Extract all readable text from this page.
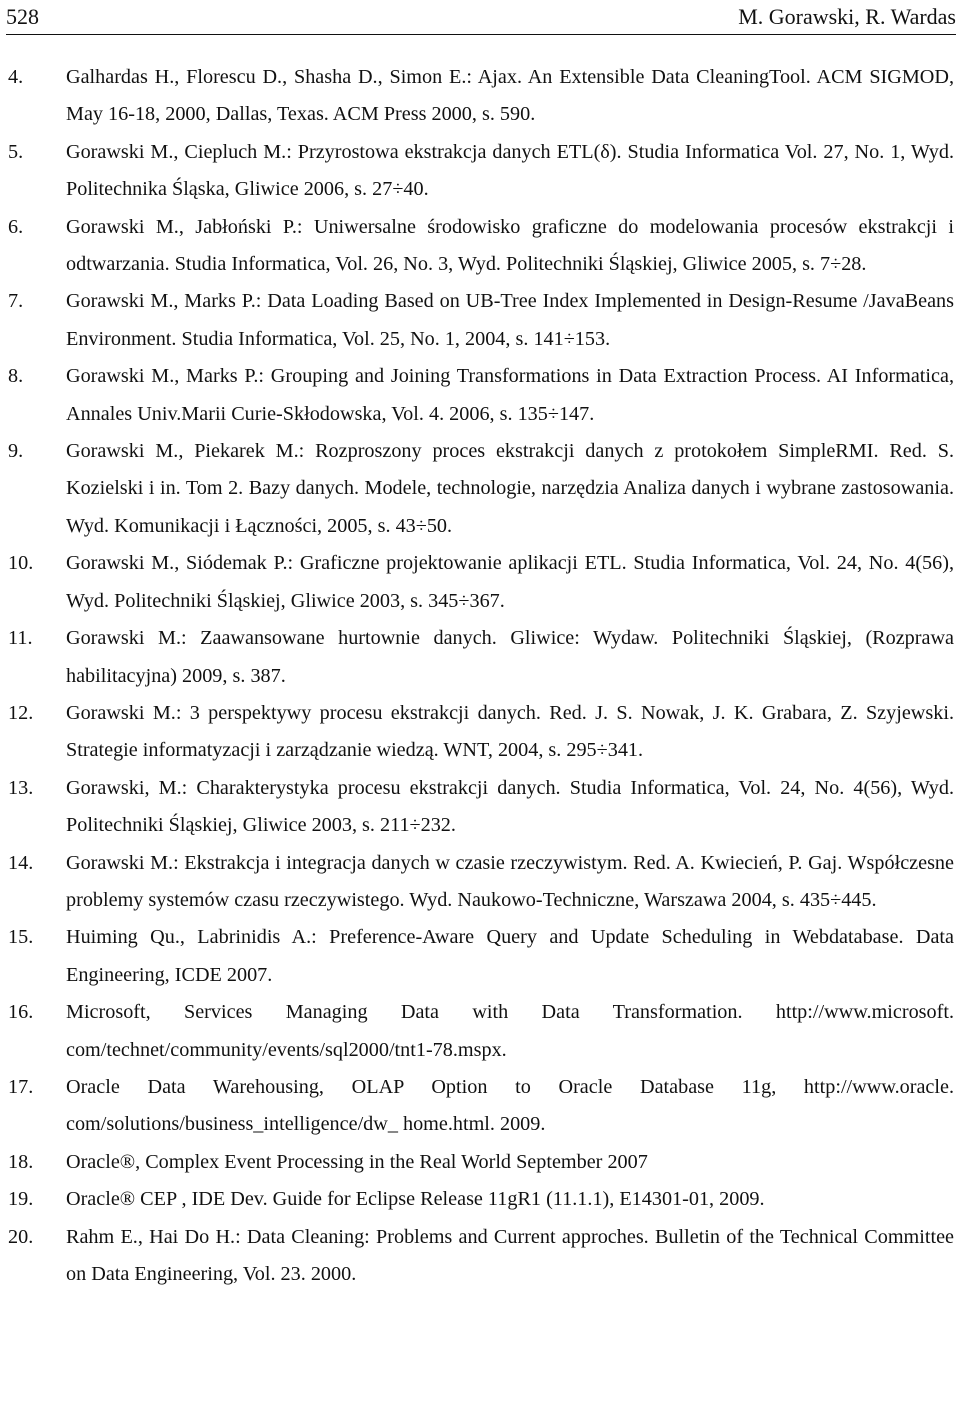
528	M. Gorawski, R. Wardas
4. Galhardas H., Florescu D., Shasha D., Simon E.: Ajax. An Extensible Data CleaningTool. ACM SIGMOD, May 16-18, 2000, Dallas, Texas. ACM Press 2000, s. 590.
5. Gorawski M., Ciepluch M.: Przyrostowa ekstrakcja danych ETL(δ). Studia Informatica Vol. 27, No. 1, Wyd. Politechnika Śląska, Gliwice 2006, s. 27÷40.
6. Gorawski M., Jabłoński P.: Uniwersalne środowisko graficzne do modelowania procesów ekstrakcji i odtwarzania. Studia Informatica, Vol. 26, No. 3, Wyd. Politechniki Śląskiej, Gliwice 2005, s. 7÷28.
7. Gorawski M., Marks P.: Data Loading Based on UB-Tree Index Implemented in Design-Resume /JavaBeans Environment. Studia Informatica, Vol. 25, No. 1, 2004, s. 141÷153.
8. Gorawski M., Marks P.: Grouping and Joining Transformations in Data Extraction Process. AI Informatica, Annales Univ.Marii Curie-Skłodowska, Vol. 4. 2006, s. 135÷147.
9. Gorawski M., Piekarek M.: Rozproszony proces ekstrakcji danych z protokołem SimpleRMI. Red. S. Kozielski i in. Tom 2. Bazy danych. Modele, technologie, narzędzia Analiza danych i wybrane zastosowania. Wyd. Komunikacji i Łączności, 2005, s. 43÷50.
10. Gorawski M., Siódemak P.: Graficzne projektowanie aplikacji ETL. Studia Informatica, Vol. 24, No. 4(56), Wyd. Politechniki Śląskiej, Gliwice 2003, s. 345÷367.
11. Gorawski M.: Zaawansowane hurtownie danych. Gliwice: Wydaw. Politechniki Śląskiej, (Rozprawa habilitacyjna) 2009, s. 387.
12. Gorawski M.: 3 perspektywy procesu ekstrakcji danych. Red. J. S. Nowak, J. K. Grabara, Z. Szyjewski. Strategie informatyzacji i zarządzanie wiedzą. WNT, 2004, s. 295÷341.
13. Gorawski, M.: Charakterystyka procesu ekstrakcji danych. Studia Informatica, Vol. 24, No. 4(56), Wyd. Politechniki Śląskiej, Gliwice 2003, s. 211÷232.
14. Gorawski M.: Ekstrakcja i integracja danych w czasie rzeczywistym. Red. A. Kwiecień, P. Gaj. Współczesne problemy systemów czasu rzeczywistego. Wyd. Naukowo-Techniczne, Warszawa 2004, s. 435÷445.
15. Huiming Qu., Labrinidis A.: Preference-Aware Query and Update Scheduling in Webdatabase. Data Engineering, ICDE 2007.
16. Microsoft, Services Managing Data with Data Transformation. http://www.microsoft. com/technet/community/events/sql2000/tnt1-78.mspx.
17. Oracle Data Warehousing, OLAP Option to Oracle Database 11g, http://www.oracle. com/solutions/business_intelligence/dw_ home.html. 2009.
18. Oracle®, Complex Event Processing in the Real World September 2007
19. Oracle® CEP , IDE Dev. Guide for Eclipse Release 11gR1 (11.1.1), E14301-01, 2009.
20. Rahm E., Hai Do H.: Data Cleaning: Problems and Current approches. Bulletin of the Technical Committee on Data Engineering, Vol. 23. 2000.
